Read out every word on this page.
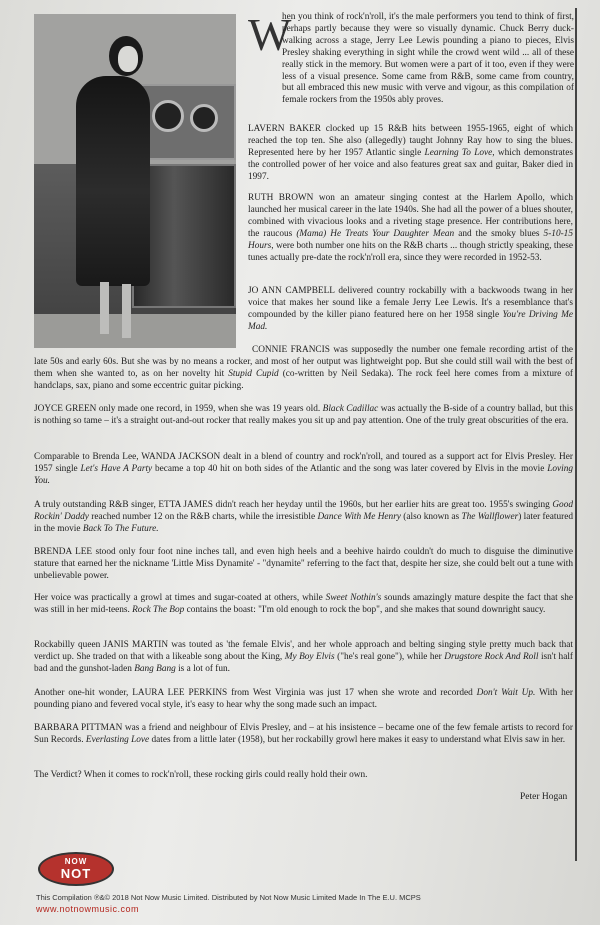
W

hen you think of rock'n'roll, it's the male performers you tend to think of first, perhaps partly because they were so visually dynamic. Chuck Berry duck-walking across a stage, Jerry Lee Lewis pounding a piano to pieces, Elvis Presley shaking everything in sight while the crowd went wild ... all of these really stick in the memory. But women were a part of it too, even if they were less of a visual presence. Some came from R&B, some came from country, but all embraced this new music with verve and vigour, as this compilation of female rockers from the 1950s ably proves.

LAVERN BAKER clocked up 15 R&B hits between 1955-1965, eight of which reached the top ten. She also (allegedly) taught Johnny Ray how to sing the blues. Represented here by her 1957 Atlantic single Learning To Love, which demonstrates the controlled power of her voice and also features great sax and guitar, Baker died in 1997.

RUTH BROWN won an amateur singing contest at the Harlem Apollo, which launched her musical career in the late 1940s. She had all the power of a blues shouter, combined with vivacious looks and a riveting stage presence. Her contributions here, the raucous (Mama) He Treats Your Daughter Mean and the smoky blues 5-10-15 Hours, were both number one hits on the R&B charts ... though strictly speaking, these tunes actually pre-date the rock'n'roll era, since they were recorded in 1952-53.

JO ANN CAMPBELL delivered country rockabilly with a backwoods twang in her voice that makes her sound like a female Jerry Lee Lewis. It's a resemblance that's compounded by the killer piano featured here on her 1958 single You're Driving Me Mad.

CONNIE FRANCIS was supposedly the number one female recording artist of the late 50s and early 60s. But she was by no means a rocker, and most of her output was lightweight pop. But she could still wail with the best of them when she wanted to, as on her novelty hit Stupid Cupid (co-written by Neil Sedaka). The rock feel here comes from a mixture of handclaps, sax, piano and some eccentric guitar picking.

JOYCE GREEN only made one record, in 1959, when she was 19 years old. Black Cadillac was actually the B-side of a country ballad, but this is nothing so tame – it's a straight out-and-out rocker that really makes you sit up and pay attention. One of the truly great obscurities of the era.

Comparable to Brenda Lee, WANDA JACKSON dealt in a blend of country and rock'n'roll, and toured as a support act for Elvis Presley. Her 1957 single Let's Have A Party became a top 40 hit on both sides of the Atlantic and the song was later covered by Elvis in the movie Loving You.

A truly outstanding R&B singer, ETTA JAMES didn't reach her heyday until the 1960s, but her earlier hits are great too. 1955's swinging Good Rockin' Daddy reached number 12 on the R&B charts, while the irresistible Dance With Me Henry (also known as The Wallflower) later featured in the movie Back To The Future.

BRENDA LEE stood only four foot nine inches tall, and even high heels and a beehive hairdo couldn't do much to disguise the diminutive stature that earned her the nickname 'Little Miss Dynamite' - "dynamite" referring to the fact that, despite her size, she could belt out a tune with unbelievable power.

Her voice was practically a growl at times and sugar-coated at others, while Sweet Nothin's sounds amazingly mature despite the fact that she was still in her mid-teens. Rock The Bop contains the boast: "I'm old enough to rock the bop", and she makes that sound downright saucy.

Rockabilly queen JANIS MARTIN was touted as 'the female Elvis', and her whole approach and belting singing style pretty much back that verdict up. She traded on that with a likeable song about the King, My Boy Elvis ("he's real gone"), while her Drugstore Rock And Roll isn't half bad and the gunshot-laden Bang Bang is a lot of fun.

Another one-hit wonder, LAURA LEE PERKINS from West Virginia was just 17 when she wrote and recorded Don't Wait Up. With her pounding piano and fevered vocal style, it's easy to hear why the song made such an impact.

BARBARA PITTMAN was a friend and neighbour of Elvis Presley, and – at his insistence – became one of the few female artists to record for Sun Records. Everlasting Love dates from a little later (1958), but her rockabilly growl here makes it easy to understand what Elvis saw in her.

The Verdict? When it comes to rock'n'roll, these rocking girls could really hold their own.

Peter Hogan
NOW
NOT
This Compilation ℗&© 2018 Not Now Music Limited. Distributed by Not Now Music Limited Made In The E.U. MCPS
www.notnowmusic.com
